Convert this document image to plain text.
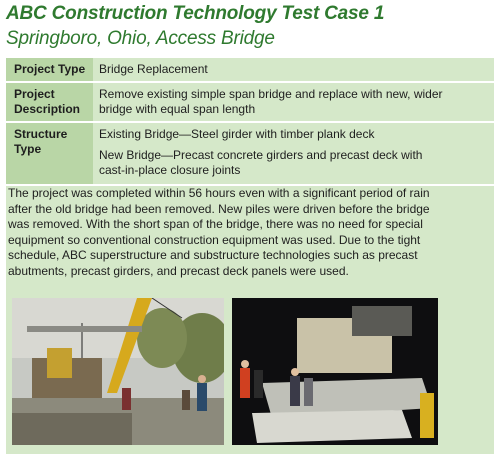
ABC Construction Technology Test Case 1
Springboro, Ohio, Access Bridge
Project Type	Bridge Replacement
Project
Description
Remove existing simple span bridge and replace with new, wider
bridge with equal span length
Structure
Type
Existing Bridge—Steel girder with timber plank deck
New Bridge—Precast concrete girders and precast deck with
cast-in-place closure joints
The project was completed within 56 hours even with a significant period of rain
after the old bridge had been removed. New piles were driven before the bridge
was removed. With the short span of the bridge, there was no need for special
equipment so conventional construction equipment was used. Due to the tight
schedule, ABC superstructure and substructure technologies such as precast
abutments, precast girders, and precast deck panels were used.
